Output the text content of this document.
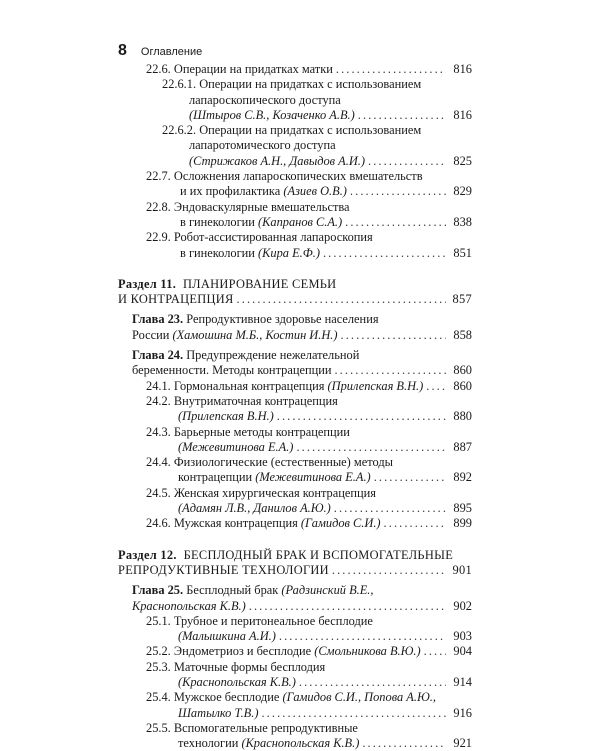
8 Оглавление
22.6. Операции на придатках матки . . .	816
22.6.1. Операции на придатках с использованием
лапароскопического доступа
(Штыров С.В., Козаченко А.В.) . . .	816
22.6.2. Операции на придатках с использованием
лапаротомического доступа
(Стрижаков А.Н., Давыдов А.И.) . . .	825
22.7. Осложнения лапароскопических вмешательств
и их профилактика (Азиев О.В.) . . .	829
22.8. Эндоваскулярные вмешательства
в гинекологии (Капранов С.А.) . . .	838
22.9. Робот-ассистированная лапароскопия
в гинекологии (Кира Е.Ф.) . . .	851
Раздел 11. ПЛАНИРОВАНИЕ СЕМЬИ
И КОНТРАЦЕПЦИЯ . . .	857
Глава 23. Репродуктивное здоровье населения
России (Хамошина М.Б., Костин И.Н.) . . .	858
Глава 24. Предупреждение нежелательной
беременности. Методы контрацепции . . .	860
24.1. Гормональная контрацепция (Прилепская В.Н.) . . . 860
24.2. Внутриматочная контрацепция
(Прилепская В.Н.) . . .	880
24.3. Барьерные методы контрацепции
(Межевитинова Е.А.) . . .	887
24.4. Физиологические (естественные) методы
контрацепции (Межевитинова Е.А.) . . .	892
24.5. Женская хирургическая контрацепция
(Адамян Л.В., Данилов А.Ю.) . . .	895
24.6. Мужская контрацепция (Гамидов С.И.) . . .	899
Раздел 12. БЕСПЛОДНЫЙ БРАК И ВСПОМОГАТЕЛЬНЫЕ
РЕПРОДУКТИВНЫЕ ТЕХНОЛОГИИ . . .	901
Глава 25. Бесплодный брак (Радзинский В.Е.,
Краснопольская К.В.) . . .	902
25.1. Трубное и перитонеальное бесплодие
(Малышкина А.И.) . . .	903
25.2. Эндометриоз и бесплодие (Смольникова В.Ю.) . . .	904
25.3. Маточные формы бесплодия
(Краснопольская К.В.) . . .	914
25.4. Мужское бесплодие (Гамидов С.И., Попова А.Ю.,
Шатылко Т.В.) . . .	916
25.5. Вспомогательные репродуктивные
технологии (Краснопольская К.В.) . . .	921
